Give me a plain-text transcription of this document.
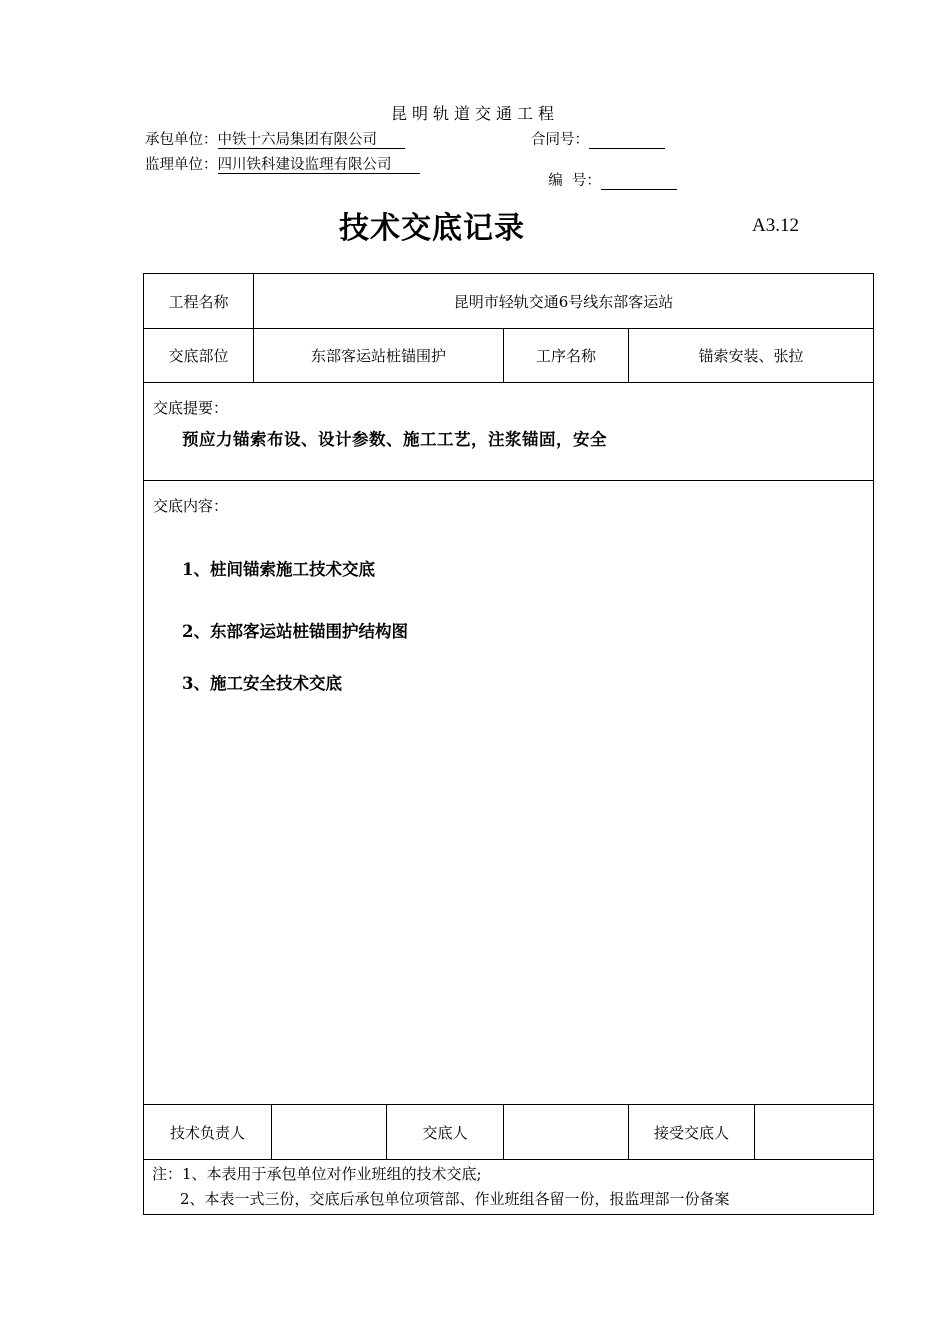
昆明轨道交通工程
承包单位：中铁十六局集团有限公司	合同号：
监理单位：四川铁科建设监理有限公司

编  号：

技术交底记录	A3.12
工程名称	昆明市轻轨交通6号线东部客运站					
交底部位	东部客运站桩锚围护			工序名称	锚索安装、张拉	

交底提要：
预应力锚索布设、设计参数、施工工艺，注浆锚固，安全						

交底内容：
1、桩间锚索施工技术交底
2、东部客运站桩锚围护结构图
3、施工安全技术交底						

技术负责人			交底人		接受交底人	

注：1、本表用于承包单位对作业班组的技术交底;
2、本表一式三份，交底后承包单位项管部、作业班组各留一份，报监理部一份备案						
